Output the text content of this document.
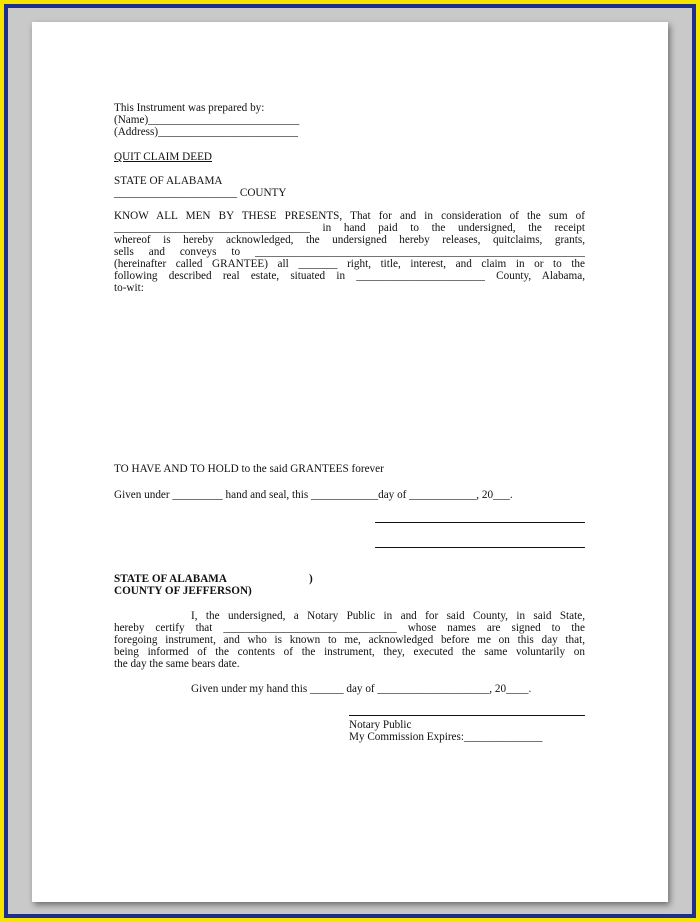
This Instrument was prepared by:
(Name)___________________________
(Address)_________________________
QUIT CLAIM DEED
STATE OF ALABAMA
______________________ COUNTY
KNOW ALL MEN BY THESE PRESENTS, That for and in consideration of the sum of
___________________________________ in hand paid to the undersigned, the receipt
whereof is hereby acknowledged, the undersigned hereby releases, quitclaims, grants,
sells and conveys to ___________________________________________________________
(hereinafter called GRANTEE) all _______ right, title, interest, and claim in or to the
following described real estate, situated in _______________________ County, Alabama,
to-wit:
TO HAVE AND TO HOLD to the said GRANTEES forever
Given under _________ hand and seal, this ____________day of ____________, 20___.
STATE OF ALABAMA	)
COUNTY OF JEFFERSON)
I, the undersigned, a Notary Public in and for said County, in said State,
hereby certify that _______________________________ whose names are signed to the
foregoing instrument, and who is known to me, acknowledged before me on this day that,
being informed of the contents of the instrument, they, executed the same voluntarily on
the day the same bears date.
Given under my hand this ______ day of ____________________, 20____.
Notary Public
My Commission Expires:______________
